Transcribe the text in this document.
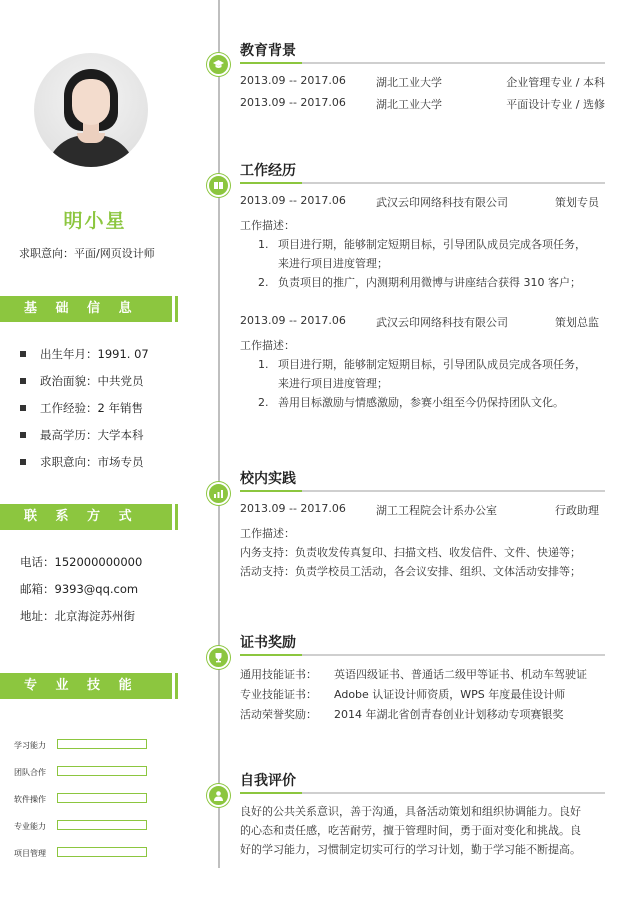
明小星
求职意向：平面/网页设计师
基 础 信 息
出生年月：1991. 07
政治面貌：中共党员
工作经验：2 年销售
最高学历：大学本科
求职意向：市场专员
联 系 方 式
电话：152000000000
邮箱：9393@qq.com
地址：北京海淀苏州街
专 业 技 能
学习能力
团队合作
软件操作
专业能力
项目管理
教育背景
2013.09 -- 2017.06	湖北工业大学	企业管理专业 / 本科
2013.09 -- 2017.06	湖北工业大学	平面设计专业 / 选修
工作经历
2013.09 -- 2017.06	武汉云印网络科技有限公司	策划专员
工作描述：
1. 项目进行期，能够制定短期目标，引导团队成员完成各项任务，
来进行项目进度管理；
2. 负责项目的推广，内测期利用微博与讲座结合获得 310 客户；
2013.09 -- 2017.06	武汉云印网络科技有限公司	策划总监
工作描述：
1. 项目进行期，能够制定短期目标，引导团队成员完成各项任务，
来进行项目进度管理；
2. 善用目标激励与情感激励，参赛小组至今仍保持团队文化。
校内实践
2013.09 -- 2017.06	湖工工程院会计系办公室	行政助理
工作描述：
内务支持：负责收发传真复印、扫描文档、收发信件、文件、快递等；
活动支持：负责学校员工活动，各会议安排、组织、文体活动安排等；
证书奖励
通用技能证书： 英语四级证书、普通话二级甲等证书、机动车驾驶证
专业技能证书： Adobe 认证设计师资质，WPS 年度最佳设计师
活动荣誉奖励： 2014 年湖北省创青春创业计划移动专项赛银奖
自我评价
良好的公共关系意识，善于沟通，具备活动策划和组织协调能力。良好
的心态和责任感，吃苦耐劳，擅于管理时间，勇于面对变化和挑战。良
好的学习能力，习惯制定切实可行的学习计划，勤于学习能不断提高。
